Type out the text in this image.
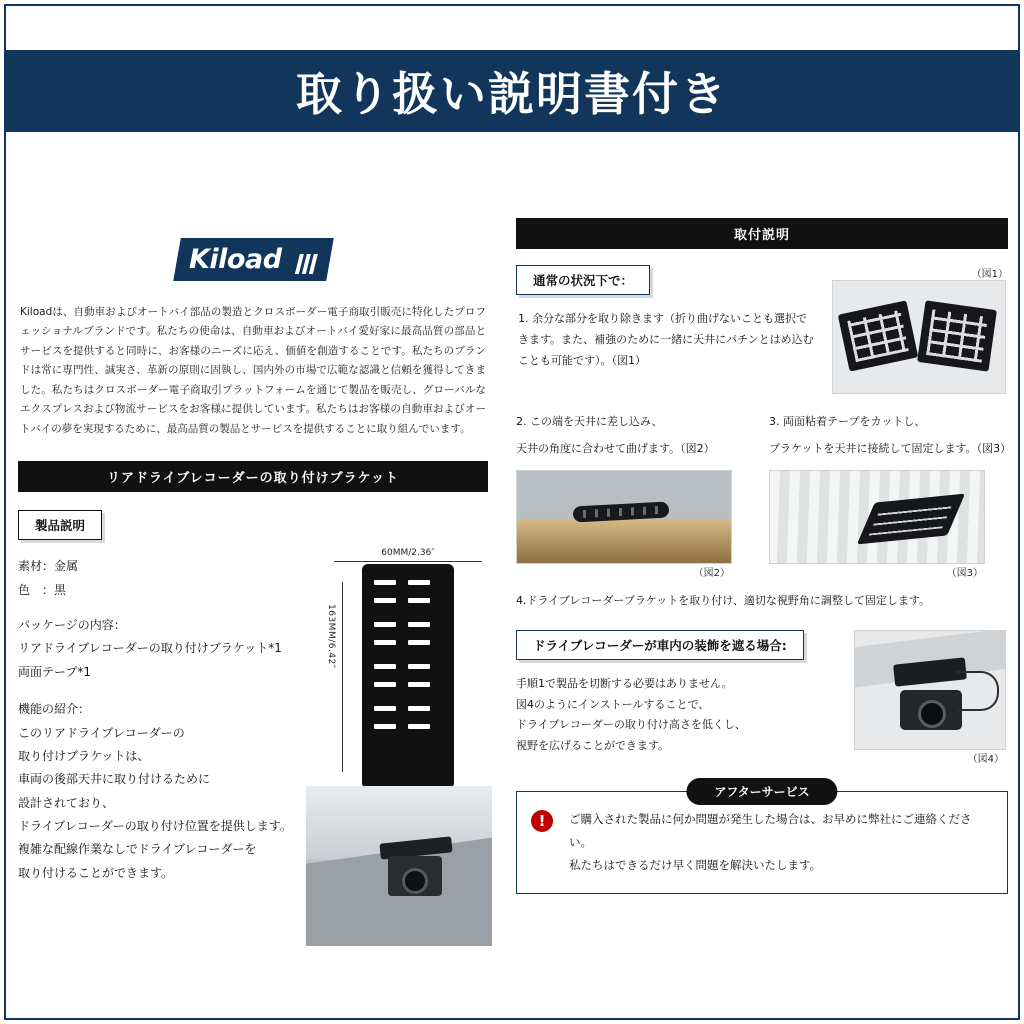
取り扱い説明書付き
Kiload
Kiloadは、自動車およびオートバイ部品の製造とクロスボーダー電子商取引販売に特化したプロフェッショナルブランドです。私たちの使命は、自動車およびオートバイ愛好家に最高品質の部品とサービスを提供すると同時に、お客様のニーズに応え、価値を創造することです。私たちのブランドは常に専門性、誠実さ、革新の原則に固執し、国内外の市場で広範な認識と信頼を獲得してきました。私たちはクロスボーダー電子商取引プラットフォームを通じて製品を販売し、グローバルなエクスプレスおよび物流サービスをお客様に提供しています。私たちはお客様の自動車およびオートバイの夢を実現するために、最高品質の製品とサービスを提供することに取り組んでいます。
リアドライブレコーダーの取り付けブラケット
製品説明
素材：金属
色　：黒
パッケージの内容：
リアドライブレコーダーの取り付けブラケット*1
両面テープ*1
機能の紹介：
このリアドライブレコーダーの
取り付けブラケットは、
車両の後部天井に取り付けるために
設計されており、
ドライブレコーダーの取り付け位置を提供します。
複雑な配線作業なしでドライブレコーダーを
取り付けることができます。
60MM/2.36″
163MM/6.42″
取付説明
通常の状況下で：
1. 余分な部分を取り除きます（折り曲げないことも選択できます。また、補強のために一緒に天井にパチンとはめ込むことも可能です）。（図1）
（図1）
2. この端を天井に差し込み、
天井の角度に合わせて曲げます。（図2）
（図2）
3. 両面粘着テープをカットし、
ブラケットを天井に接続して固定します。（図3）
（図3）
4.ドライブレコーダーブラケットを取り付け、適切な視野角に調整して固定します。
ドライブレコーダーが車内の装飾を遮る場合:
手順1で製品を切断する必要はありません。
図4のようにインストールすることで、
ドライブレコーダーの取り付け高さを低くし、
視野を広げることができます。
（図4）
アフターサービス
!	ご購入された製品に何か問題が発生した場合は、お早めに弊社にご連絡ください。
私たちはできるだけ早く問題を解決いたします。
